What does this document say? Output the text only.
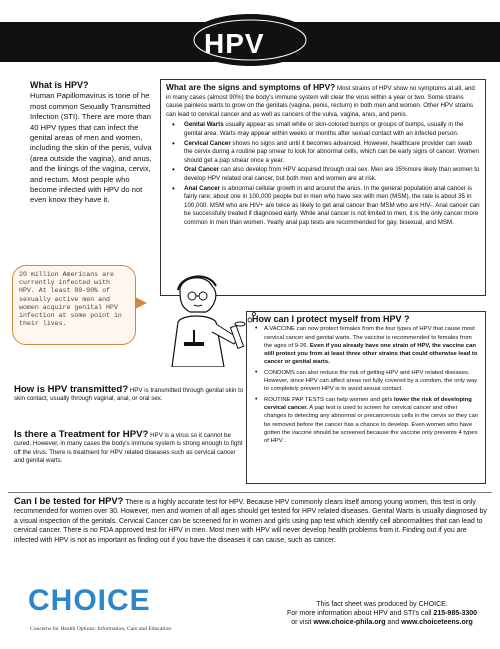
HPV
What is HPV?
Human Papillomavirus is tone of he most common Sexually Transmitted Infection (STI). There are more than 40 HPV types that can infect the genital areas of men and women, including the skin of the penis, vulva (area outside the vagina), and anus, and the linings of the vagina, cervix, and rectum. Most people who become infected with HPV do not even know they have it.
What are the signs and symptoms of HPV? Most strains of HPV show no symptoms at all, and in many cases (almost 90%) the body's immune system will clear the virus within a year or two. Some strains cause painless warts to grow on the genitals (vagina, penis, rectum) in both men and women. Other HPV strains can lead to cervical cancer and as well as cancers of the vulva, vagina, anus, and penis.
• Genital Warts usually appear as small white or skin-colored bumps or groups of bumps, usually in the genital area. Warts may appear within weeks or months after sexual contact with an infected person.
• Cervical Cancer shows no signs and until it becomes advanced. However, healthcare provider can swab the cervix during a routine pap smear to look for abnormal cells, which can be early signs of cancer. Women should get a pap smear once a year.
• Oral Cancer can also develop from HPV acquired through oral sex. Men are 35%more likely than women to develop HPV related oral cancer, but both men and women are at risk.
• Anal Cancer is abnormal cellular growth in and around the anus. In the general population anal cancer is fairly rare; about one in 100,000 people but in men who have sex with men (MSM), the rate is about 35 in 100,000. MSM who are HIV+ are twice as likely to get anal cancer than MSM who are HIV-. Anal cancer can be successfully treated if diagnosed early. While anal cancer is not limited to men, it is the only cancer more common in men than women. Yearly anal pap tests are recommended for gay, bisexual, and MSM.
20 million Americans are currently infected with HPV. At least 80-90% of sexually active men and women acquire genital HPV infection at some point in their lives.	How can I protect myself from HPV ?
• A VACCINE can now protect females from the four types of HPV that cause most cervical cancer and genital warts. The vaccine is recommended to females from the ages of 9-26. Even if you already have one strain of HPV, the vaccine can still protect you from at least three other strains that could otherwise lead to cancer or genital warts.
• CONDOMS can also reduce the risk of getting HPV and HPV related diseases. However, since HPV can affect areas not fully covered by a condom, the only way to completely prevent HPV is to avoid sexual contact.
• ROUTINE PAP TESTS can help women and girls lower the risk of developing cervical cancer. A pap test is used to screen for cervical cancer and other changes to detecting any abnormal or precancerous cells in the cervix so they can be removed before the cancer has a chance to develop. Even women who have gotten the vaccine should be screened because the vaccine only prevents 4 types of HPV .
How is HPV transmitted? HPV is transmitted through genital skin to skin contact, usually through vaginal, anal, or oral sex.
Is there a Treatment for HPV? HPV is a virus so it cannot be cured. However, in many cases the body's immune system is strong enough to fight off the virus. There is treatment for HPV related diseases such as cervical cancer and genital warts.
Can I be tested for HPV? There is a highly accurate test for HPV. Because HPV commonly clears itself among young women, this test is only recommended for women over 30. However, men and women of all ages should get tested for HPV related diseases. Genital Warts is usually diagnosed by a visual inspection of the genitals. Cervical Cancer can be screened for in women and girls using pap test which identify cell abnormalities that can lead to cervical cancer. There is no FDA approved test for HPV in men. Most men with HPV will never develop health problems from it. Finding out if you are infected with HPV is not as important as finding out if you have the diseases it can cause, such as cancer.
CHOICE
Concerns for Health Options: Information, Care and Education
This fact sheet was produced by CHOICE.
For more information about HPV and STI's call 215-985-3300
or visit www.choice-phila.org and www.choiceteens.org
